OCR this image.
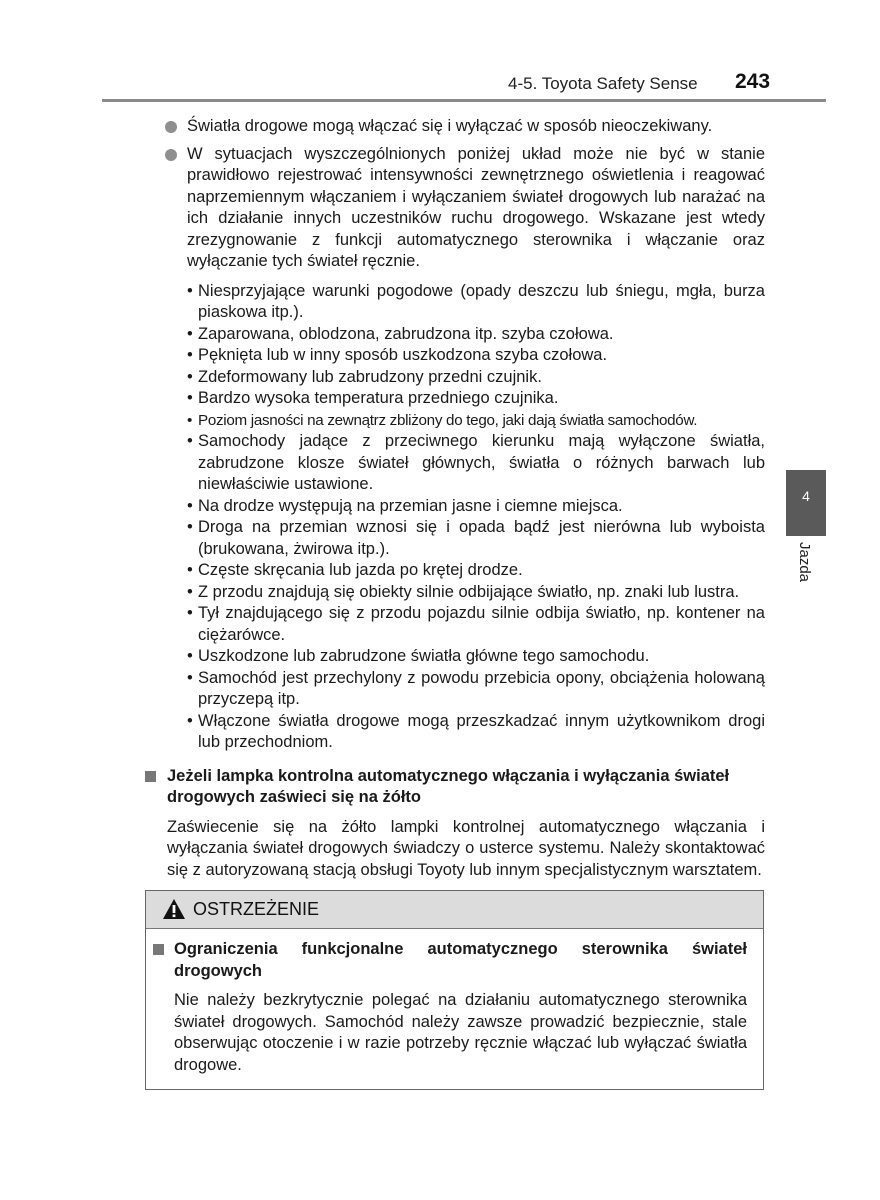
4-5. Toyota Safety Sense 243
4
Jazda
Światła drogowe mogą włączać się i wyłączać w sposób nieoczekiwany.
W sytuacjach wyszczególnionych poniżej układ może nie być w stanie prawidłowo rejestrować intensywności zewnętrznego oświetlenia i reagować naprzemiennym włączaniem i wyłączaniem świateł drogowych lub narażać na ich działanie innych uczestników ruchu drogowego. Wskazane jest wtedy zrezygnowanie z funkcji automatycznego sterownika i włączanie oraz wyłączanie tych świateł ręcznie.
• Niesprzyjające warunki pogodowe (opady deszczu lub śniegu, mgła, burza piaskowa itp.).
• Zaparowana, oblodzona, zabrudzona itp. szyba czołowa.
• Pęknięta lub w inny sposób uszkodzona szyba czołowa.
• Zdeformowany lub zabrudzony przedni czujnik.
• Bardzo wysoka temperatura przedniego czujnika.
• Poziom jasności na zewnątrz zbliżony do tego, jaki dają światła samochodów.
• Samochody jadące z przeciwnego kierunku mają wyłączone światła, zabrudzone klosze świateł głównych, światła o różnych barwach lub niewłaściwie ustawione.
• Na drodze występują na przemian jasne i ciemne miejsca.
• Droga na przemian wznosi się i opada bądź jest nierówna lub wyboista (brukowana, żwirowa itp.).
• Częste skręcania lub jazda po krętej drodze.
• Z przodu znajdują się obiekty silnie odbijające światło, np. znaki lub lustra.
• Tył znajdującego się z przodu pojazdu silnie odbija światło, np. kontener na ciężarówce.
• Uszkodzone lub zabrudzone światła główne tego samochodu.
• Samochód jest przechylony z powodu przebicia opony, obciążenia holowaną przyczepą itp.
• Włączone światła drogowe mogą przeszkadzać innym użytkownikom drogi lub przechodniom.
Jeżeli lampka kontrolna automatycznego włączania i wyłączania świateł drogowych zaświeci się na żółto
Zaświecenie się na żółto lampki kontrolnej automatycznego włączania i wyłączania świateł drogowych świadczy o usterce systemu. Należy skontaktować się z autoryzowaną stacją obsługi Toyoty lub innym specjalistycznym warsztatem.
OSTRZEŻENIE
Ograniczenia funkcjonalne automatycznego sterownika świateł drogowych
Nie należy bezkrytycznie polegać na działaniu automatycznego sterownika świateł drogowych. Samochód należy zawsze prowadzić bezpiecznie, stale obserwując otoczenie i w razie potrzeby ręcznie włączać lub wyłączać światła drogowe.
